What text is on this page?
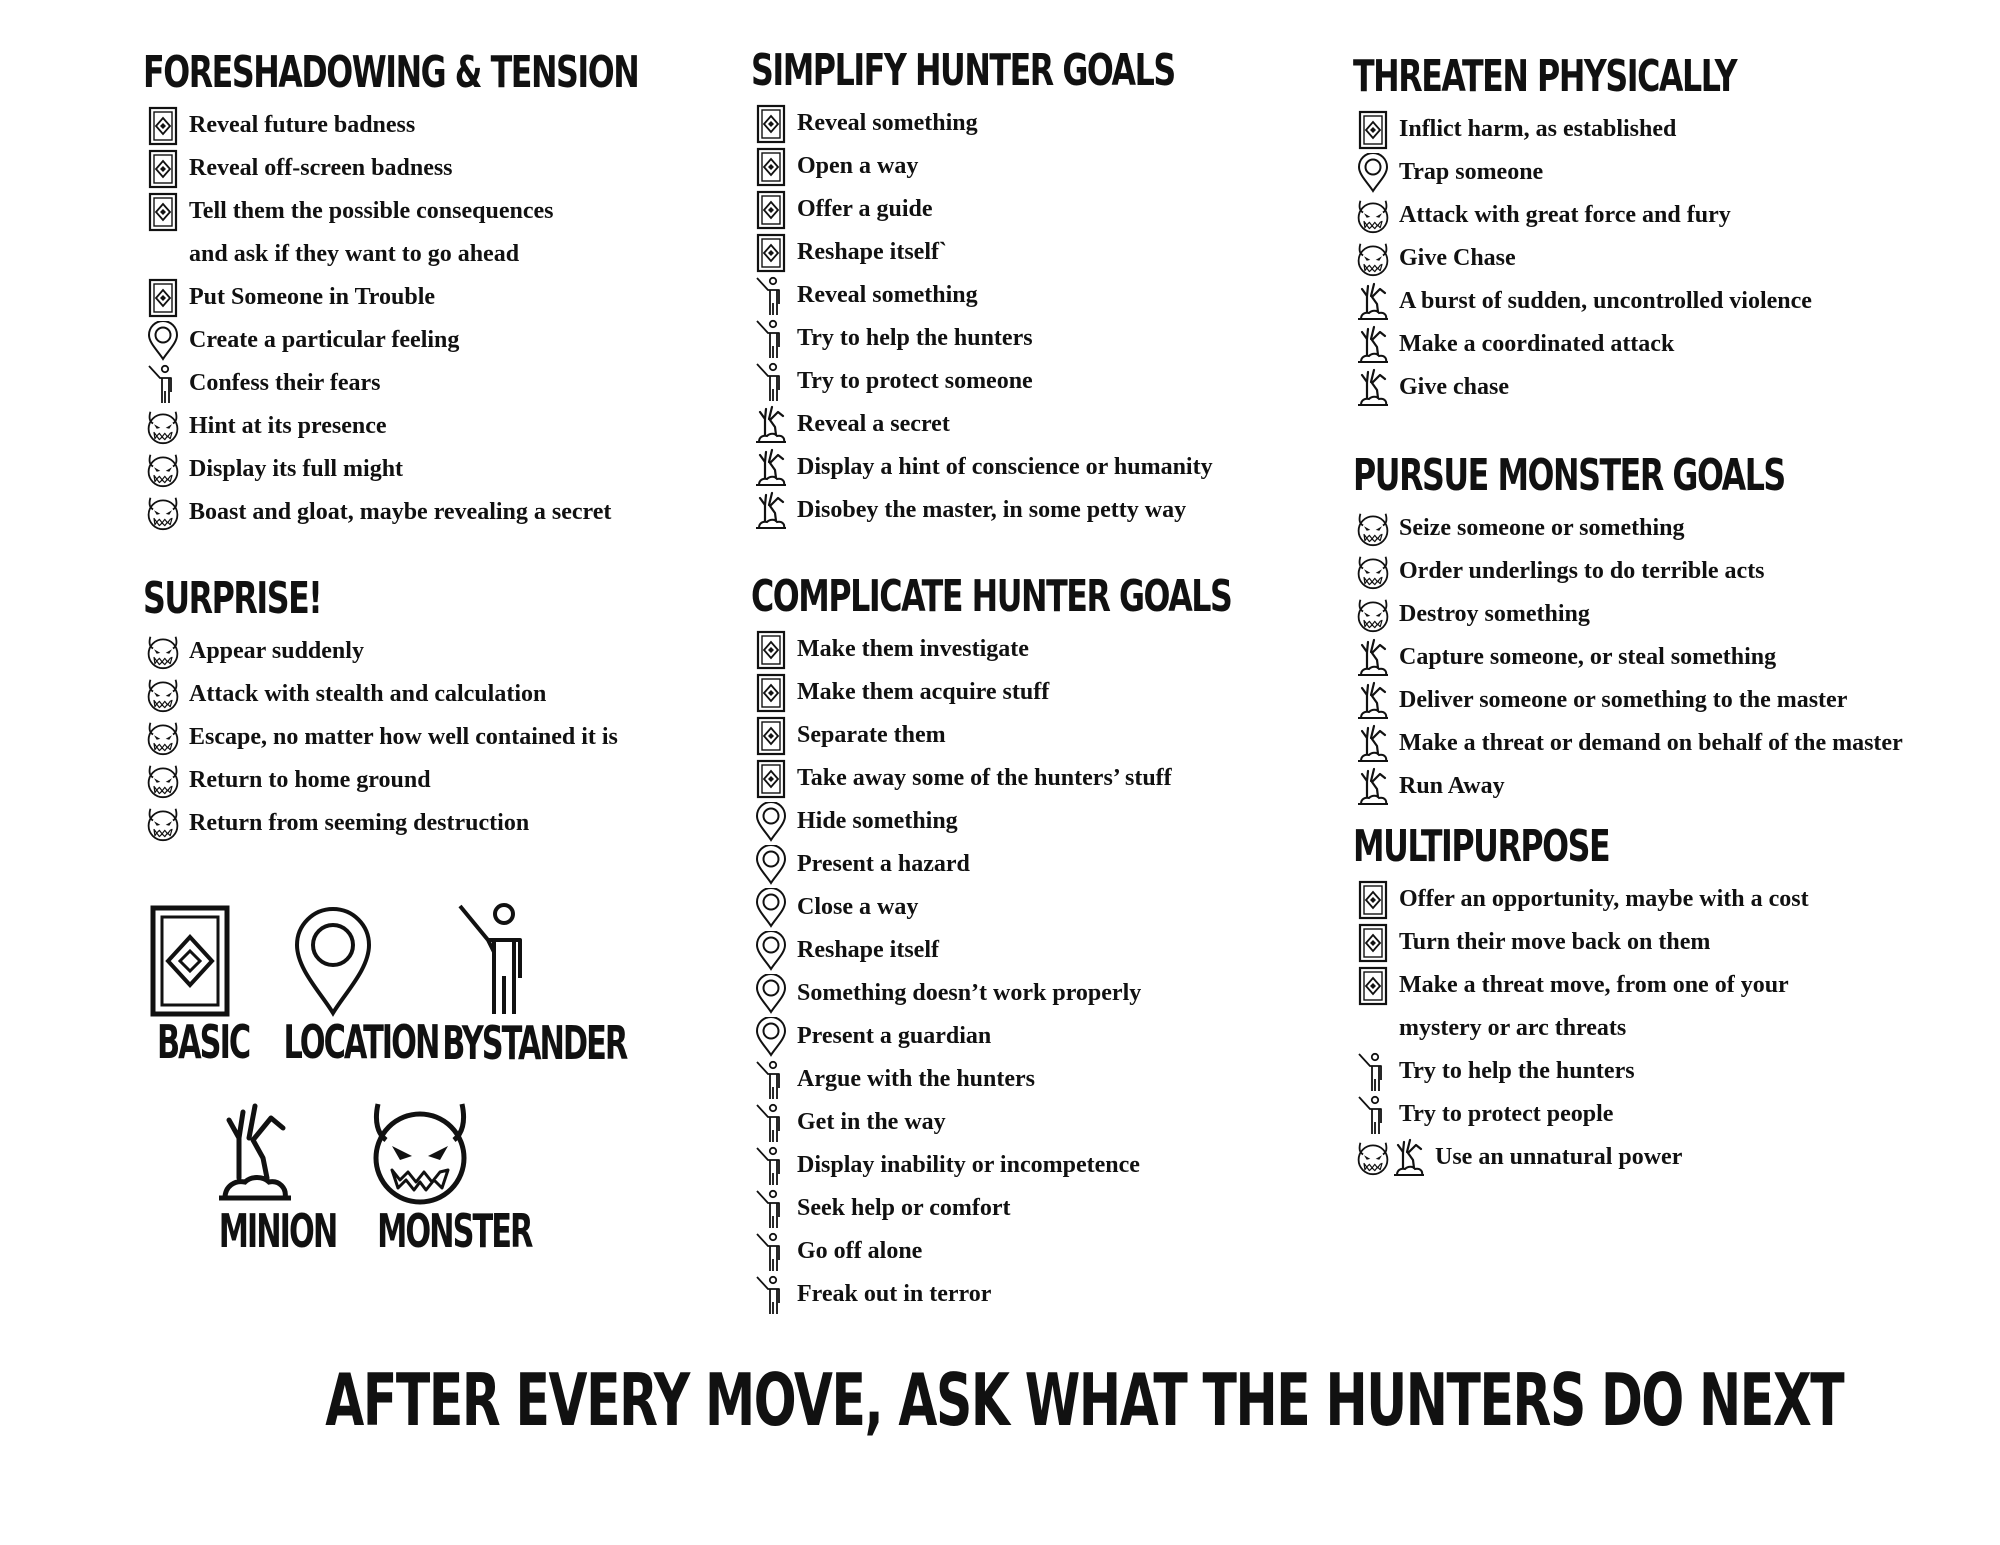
FORESHADOWING & TENSION
Reveal future badness
Reveal off-screen badness
Tell them the possible consequences
and ask if they want to go ahead
Put Someone in Trouble
Create a particular feeling
Confess their fears
Hint at its presence
Display its full might
Boast and gloat, maybe revealing a secret
SURPRISE!
Appear suddenly
Attack with stealth and calculation
Escape, no matter how well contained it is
Return to home ground
Return from seeming destruction
SIMPLIFY HUNTER GOALS
Reveal something
Open a way
Offer a guide
Reshape itself`
Reveal something
Try to help the hunters
Try to protect someone
Reveal a secret
Display a hint of conscience or humanity
Disobey the master, in some petty way
COMPLICATE HUNTER GOALS
Make them investigate
Make them acquire stuff
Separate them
Take away some of the hunters’ stuff
Hide something
Present a hazard
Close a way
Reshape itself
Something doesn’t work properly
Present a guardian
Argue with the hunters
Get in the way
Display inability or incompetence
Seek help or comfort
Go off alone
Freak out in terror
THREATEN PHYSICALLY
Inflict harm, as established
Trap someone
Attack with great force and fury
Give Chase
A burst of sudden, uncontrolled violence
Make a coordinated attack
Give chase
PURSUE MONSTER GOALS
Seize someone or something
Order underlings to do terrible acts
Destroy something
Capture someone, or steal something
Deliver someone or something to the master
Make a threat or demand on behalf of the master
Run Away
MULTIPURPOSE
Offer an opportunity, maybe with a cost
Turn their move back on them
Make a threat move, from one of your
mystery or arc threats
Try to help the hunters
Try to protect people
Use an unnatural power
BASIC LOCATION BYSTANDER
MINION MONSTER
AFTER EVERY MOVE, ASK WHAT THE HUNTERS DO NEXT
